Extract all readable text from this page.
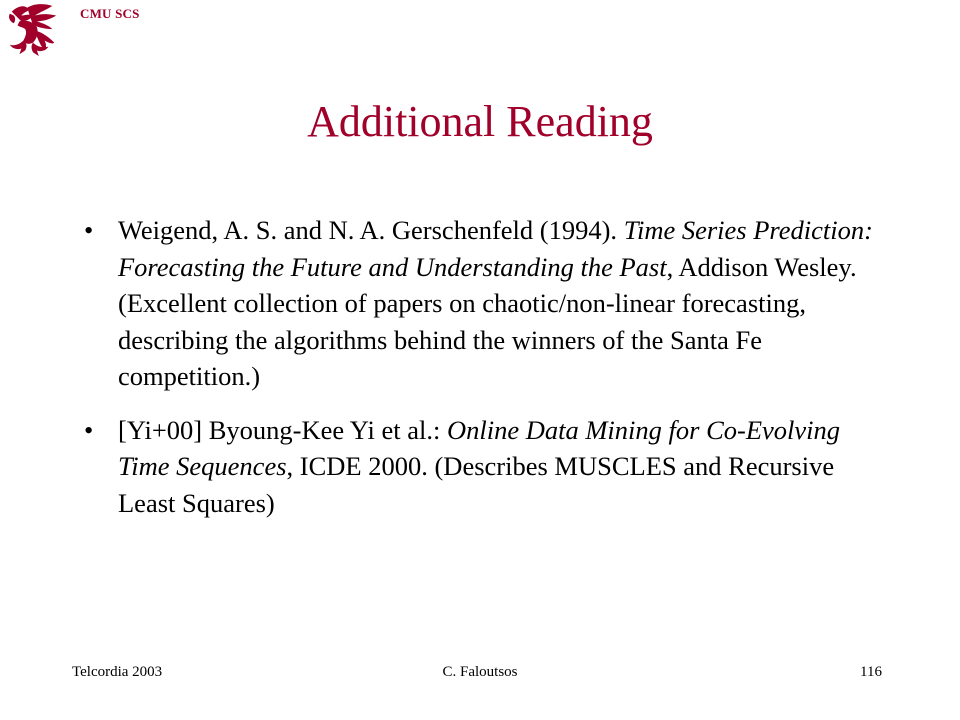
CMU SCS
Additional Reading
• Weigend, A. S. and N. A. Gerschenfeld (1994). Time Series Prediction: Forecasting the Future and Understanding the Past, Addison Wesley. (Excellent collection of papers on chaotic/non-linear forecasting, describing the algorithms behind the winners of the Santa Fe competition.)
• [Yi+00] Byoung-Kee Yi et al.: Online Data Mining for Co-Evolving Time Sequences, ICDE 2000. (Describes MUSCLES and Recursive Least Squares)
Telcordia 2003	C. Faloutsos	116
